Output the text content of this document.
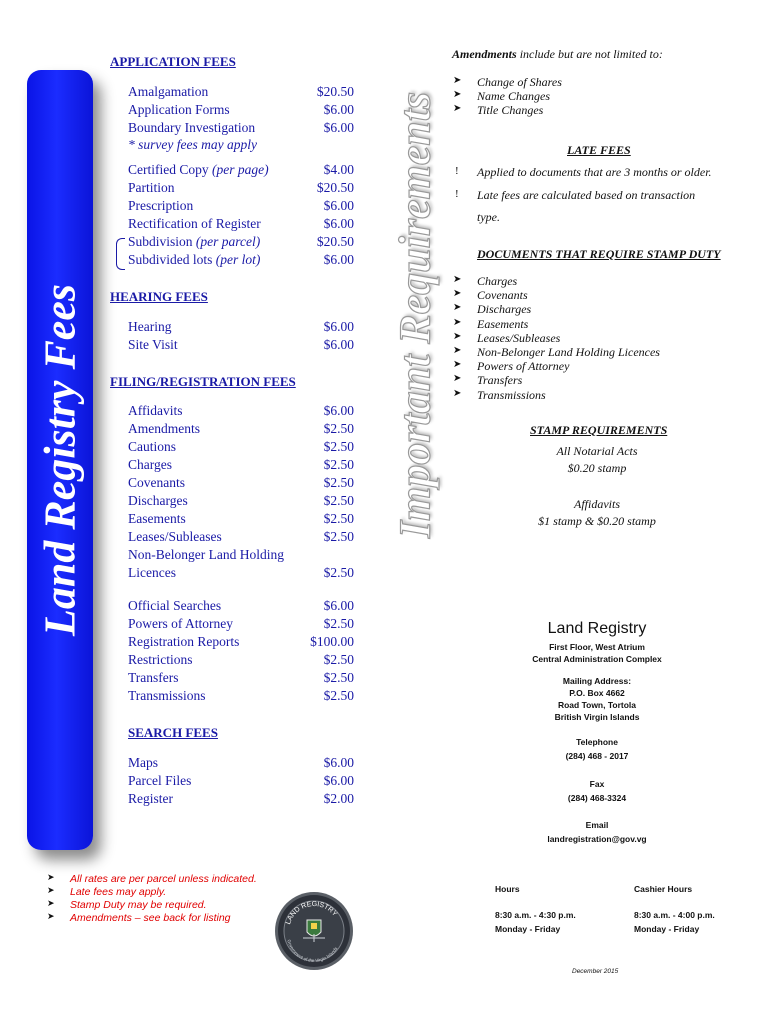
Land Registry Fees	Important Requirements
APPLICATION FEES
Amalgamation	$20.50
Application Forms	$6.00
Boundary Investigation	$6.00
* survey fees may apply
Certified Copy (per page)	$4.00
Partition	$20.50
Prescription	$6.00
Rectification of Register	$6.00
Subdivision (per parcel)	$20.50
Subdivided lots (per lot)	$6.00
HEARING FEES
Hearing	$6.00
Site Visit	$6.00
FILING/REGISTRATION FEES
Affidavits	$6.00
Amendments	$2.50
Cautions	$2.50
Charges	$2.50
Covenants	$2.50
Discharges	$2.50
Easements	$2.50
Leases/Subleases	$2.50
Non-Belonger Land Holding
Licences	$2.50
Official Searches	$6.00
Powers of Attorney	$2.50
Registration Reports	$100.00
Restrictions	$2.50
Transfers	$2.50
Transmissions	$2.50
SEARCH FEES
Maps	$6.00
Parcel Files	$6.00
Register	$2.00
➤ All rates are per parcel unless indicated.
➤ Late fees may apply.
➤ Stamp Duty may be required.
➤ Amendments – see back for listing	LAND REGISTRY
Government of the Virgin Islands
Amendments include but are not limited to:
➤ Change of Shares
➤ Name Changes
➤ Title Changes
LATE FEES
! Applied to documents that are 3 months or older.
! Late fees are calculated based on transaction
type.
DOCUMENTS THAT REQUIRE STAMP DUTY
➤ Charges
➤ Covenants
➤ Discharges
➤ Easements
➤ Leases/Subleases
➤ Non-Belonger Land Holding Licences
➤ Powers of Attorney
➤ Transfers
➤ Transmissions
STAMP REQUIREMENTS
All Notarial Acts
$0.20 stamp
Affidavits
$1 stamp & $0.20 stamp
Land Registry
First Floor, West Atrium
Central Administration Complex
Mailing Address:
P.O. Box 4662
Road Town, Tortola
British Virgin Islands
Telephone
(284) 468 - 2017
Fax
(284) 468-3324
Email
landregistration@gov.vg
Hours
8:30 a.m. - 4:30 p.m.
Monday - Friday
Cashier Hours
8:30 a.m. - 4:00 p.m.
Monday - Friday
December 2015
